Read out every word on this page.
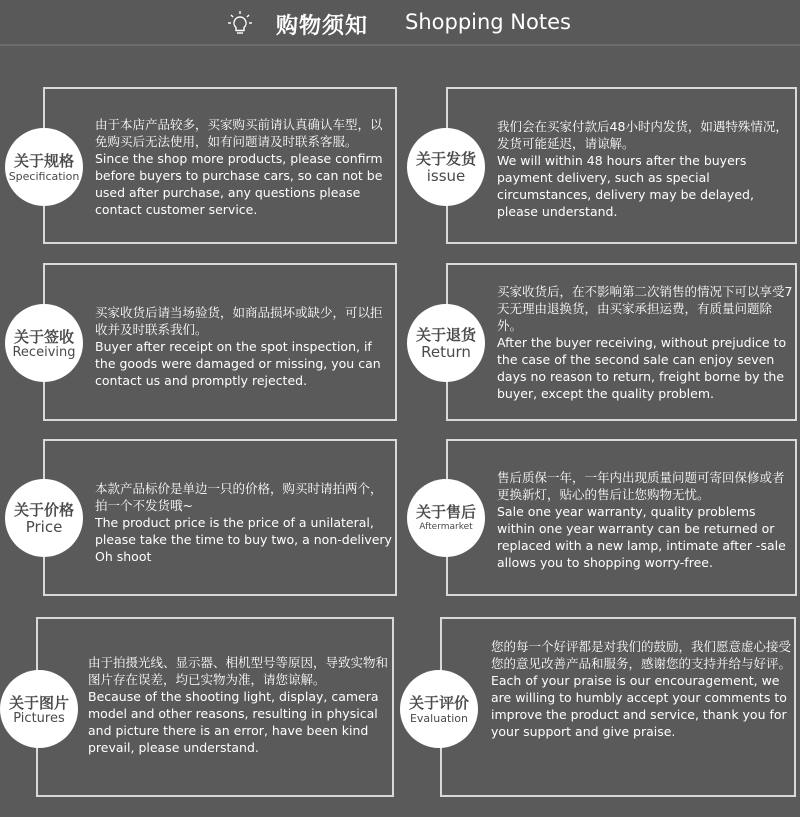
购物须知 Shopping Notes
由于本店产品较多，买家购买前请认真确认车型，以免购买后无法使用，如有问题请及时联系客服。
Since the shop more products, please confirm before buyers to purchase cars, so can not be used after purchase, any questions please contact customer service.
关于规格
Specification
我们会在买家付款后48小时内发货，如遇特殊情况，发货可能延迟，请谅解。
We will within 48 hours after the buyers payment delivery, such as special circumstances, delivery may be delayed, please understand.
关于发货
issue
买家收货后请当场验货，如商品损坏或缺少，可以拒收并及时联系我们。
Buyer after receipt on the spot inspection, if the goods were damaged or missing, you can contact us and promptly rejected.
关于签收
Receiving
买家收货后，在不影响第二次销售的情况下可以享受7天无理由退换货，由买家承担运费，有质量问题除外。
After the buyer receiving, without prejudice to the case of the second sale can enjoy seven days no reason to return, freight borne by the buyer, except the quality problem.
关于退货
Return
本款产品标价是单边一只的价格，购买时请拍两个，拍一个不发货哦~
The product price is the price of a unilateral, please take the time to buy two, a non-delivery Oh shoot
关于价格
Price
售后质保一年，一年内出现质量问题可寄回保修或者更换新灯，贴心的售后让您购物无忧。
Sale one year warranty, quality problems within one year warranty can be returned or replaced with a new lamp, intimate after -sale allows you to shopping worry-free.
关于售后
Aftermarket
由于拍摄光线、显示器、相机型号等原因，导致实物和图片存在误差，均已实物为准，请您谅解。
Because of the shooting light, display, camera model and other reasons, resulting in physical and picture there is an error, have been kind prevail, please understand.
关于图片
Pictures
您的每一个好评都是对我们的鼓励，我们愿意虚心接受您的意见改善产品和服务，感谢您的支持并给与好评。
Each of your praise is our encouragement, we are willing to humbly accept your comments to improve the product and service, thank you for your support and give praise.
关于评价
Evaluation
